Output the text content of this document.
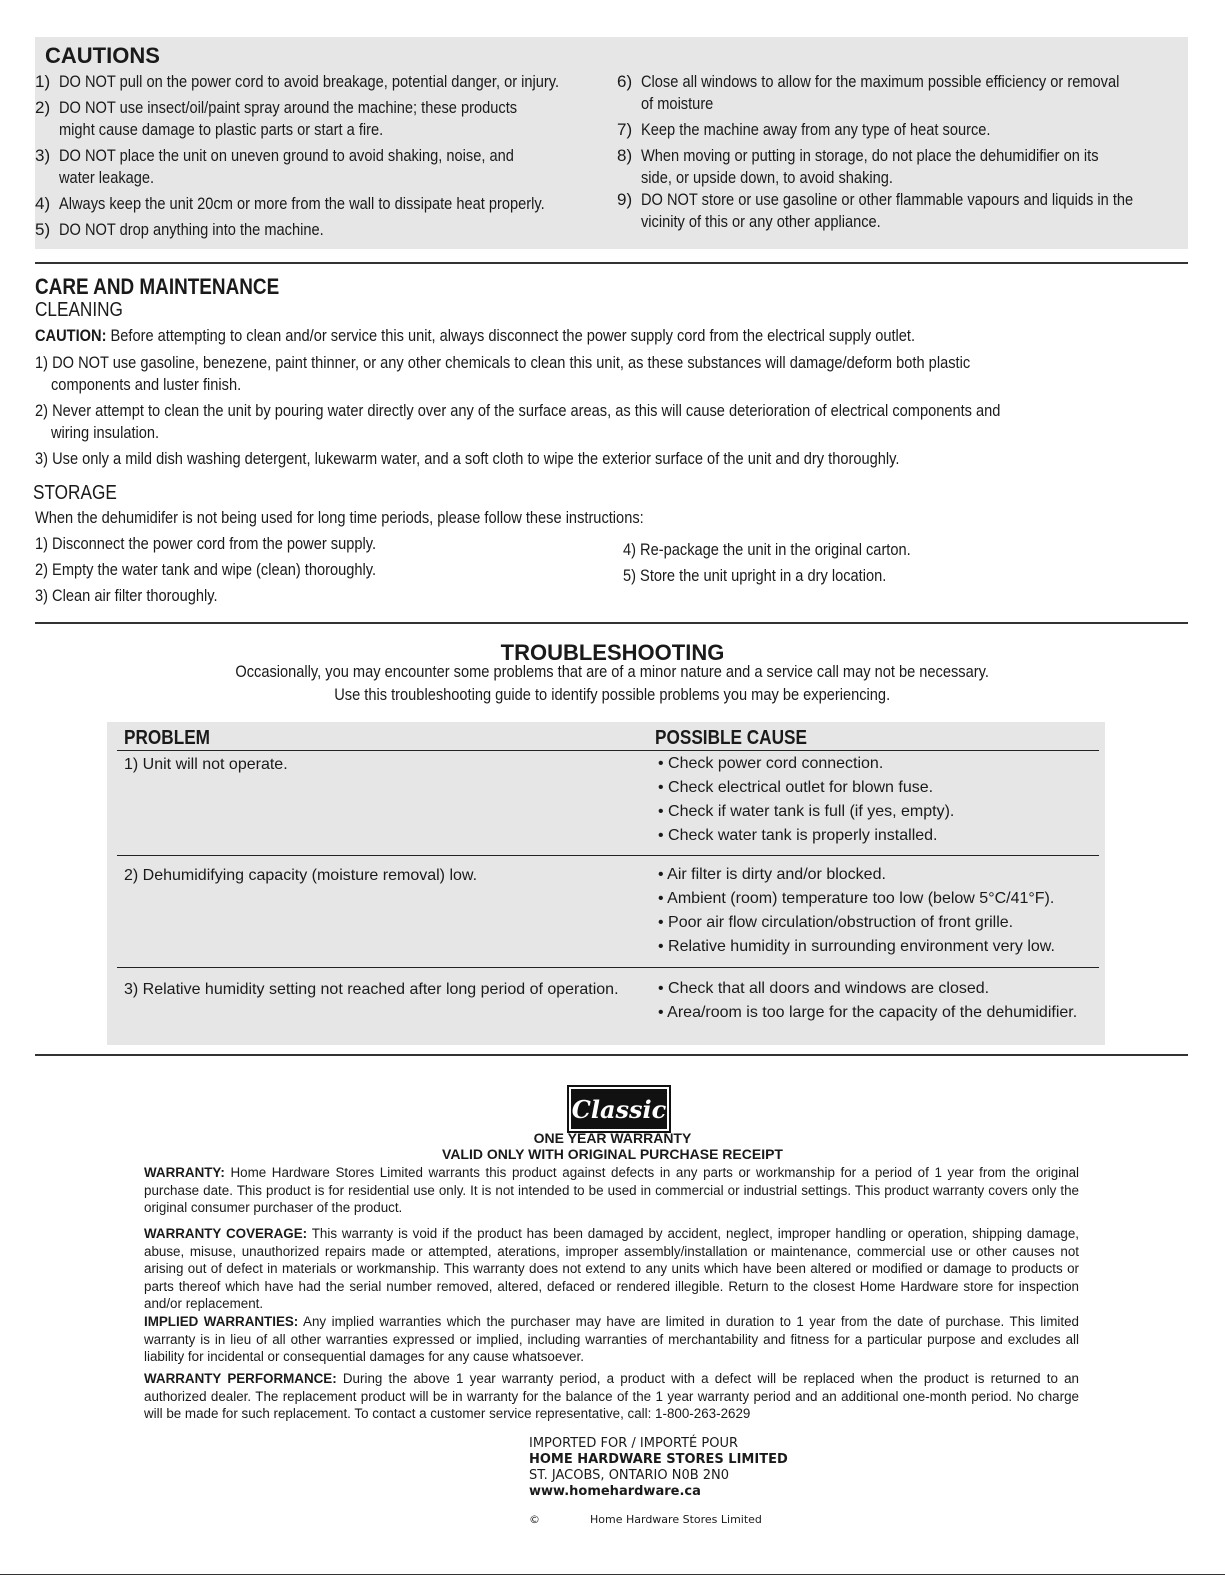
CAUTIONS
1) DO NOT pull on the power cord to avoid breakage, potential danger, or injury.
2) DO NOT use insect/oil/paint spray around the machine; these products
might cause damage to plastic parts or start a fire.
3) DO NOT place the unit on uneven ground to avoid shaking, noise, and
water leakage.
4) Always keep the unit 20cm or more from the wall to dissipate heat properly.
5) DO NOT drop anything into the machine.
6) Close all windows to allow for the maximum possible efficiency or removal
of moisture
7) Keep the machine away from any type of heat source.
8) When moving or putting in storage, do not place the dehumidifier on its
side, or upside down, to avoid shaking.
9) DO NOT store or use gasoline or other flammable vapours and liquids in the
vicinity of this or any other appliance.
CARE AND MAINTENANCE
CLEANING
CAUTION: Before attempting to clean and/or service this unit, always disconnect the power supply cord from the electrical supply outlet.
1) DO NOT use gasoline, benezene, paint thinner, or any other chemicals to clean this unit, as these substances will damage/deform both plastic
components and luster finish.
2) Never attempt to clean the unit by pouring water directly over any of the surface areas, as this will cause deterioration of electrical components and
wiring insulation.
3) Use only a mild dish washing detergent, lukewarm water, and a soft cloth to wipe the exterior surface of the unit and dry thoroughly.
STORAGE
When the dehumidifer is not being used for long time periods, please follow these instructions:
1) Disconnect the power cord from the power supply.
2) Empty the water tank and wipe (clean) thoroughly.
3) Clean air filter thoroughly.
4) Re-package the unit in the original carton.
5) Store the unit upright in a dry location.
TROUBLESHOOTING
Occasionally, you may encounter some problems that are of a minor nature and a service call may not be necessary.
Use this troubleshooting guide to identify possible problems you may be experiencing.
PROBLEM	POSSIBLE CAUSE
1) Unit will not operate.	• Check power cord connection.
• Check electrical outlet for blown fuse.
• Check if water tank is full (if yes, empty).
• Check water tank is properly installed.
2) Dehumidifying capacity (moisture removal) low.	• Air filter is dirty and/or blocked.
• Ambient (room) temperature too low (below 5°C/41°F).
• Poor air flow circulation/obstruction of front grille.
• Relative humidity in surrounding environment very low.
3) Relative humidity setting not reached after long period of operation. • Check that all doors and windows are closed.
• Area/room is too large for the capacity of the dehumidifier.
Classic
ONE YEAR WARRANTY
VALID ONLY WITH ORIGINAL PURCHASE RECEIPT
WARRANTY: Home Hardware Stores Limited warrants this product against defects in any parts or workmanship for a period of 1 year from the original purchase date. This product is for residential use only. It is not intended to be used in commercial or industrial settings. This product warranty covers only the original consumer purchaser of the product.
WARRANTY COVERAGE: This warranty is void if the product has been damaged by accident, neglect, improper handling or operation, shipping damage, abuse, misuse, unauthorized repairs made or attempted, aterations, improper assembly/installation or maintenance, commercial use or other causes not arising out of defect in materials or workmanship. This warranty does not extend to any units which have been altered or modified or damage to products or parts thereof which have had the serial number removed, altered, defaced or rendered illegible. Return to the closest Home Hardware store for inspection and/or replacement.
IMPLIED WARRANTIES: Any implied warranties which the purchaser may have are limited in duration to 1 year from the date of purchase. This limited warranty is in lieu of all other warranties expressed or implied, including warranties of merchantability and fitness for a particular purpose and excludes all liability for incidental or consequential damages for any cause whatsoever.
WARRANTY PERFORMANCE: During the above 1 year warranty period, a product with a defect will be replaced when the product is returned to an authorized dealer. The replacement product will be in warranty for the balance of the 1 year warranty period and an additional one-month period. No charge will be made for such replacement. To contact a customer service representative, call: 1-800-263-2629
IMPORTED FOR / IMPORTÉ POUR
HOME HARDWARE STORES LIMITED
ST. JACOBS, ONTARIO N0B 2N0
www.homehardware.ca
©	Home Hardware Stores Limited
